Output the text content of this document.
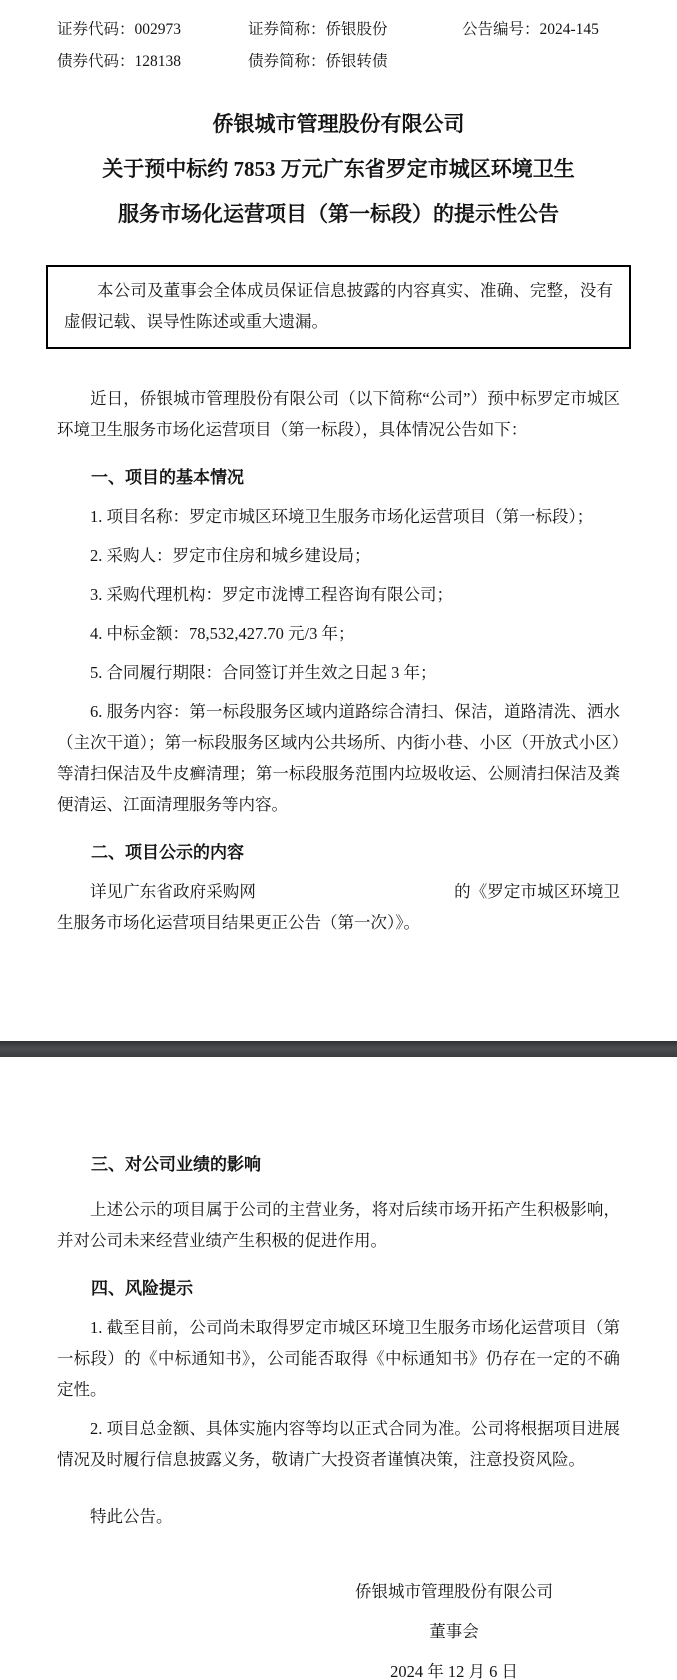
证券代码：002973	证券简称：侨银股份	公告编号：2024-145
债券代码：128138	债券简称：侨银转债
侨银城市管理股份有限公司
关于预中标约 7853 万元广东省罗定市城区环境卫生
服务市场化运营项目（第一标段）的提示性公告
本公司及董事会全体成员保证信息披露的内容真实、准确、完整，没有虚假记载、误导性陈述或重大遗漏。

近日，侨银城市管理股份有限公司（以下简称“公司”）预中标罗定市城区环境卫生服务市场化运营项目（第一标段），具体情况公告如下：

一、项目的基本情况

1. 项目名称：罗定市城区环境卫生服务市场化运营项目（第一标段）；

2. 采购人：罗定市住房和城乡建设局；

3. 采购代理机构：罗定市泷博工程咨询有限公司；

4. 中标金额：78,532,427.70 元/3 年；

5. 合同履行期限：合同签订并生效之日起 3 年；

6. 服务内容：第一标段服务区域内道路综合清扫、保洁，道路清洗、洒水（主次干道）；第一标段服务区域内公共场所、内街小巷、小区（开放式小区）等清扫保洁及牛皮癣清理；第一标段服务范围内垃圾收运、公厕清扫保洁及粪便清运、江面清理服务等内容。

二、项目公示的内容

详见广东省政府采购网	的《罗定市城区环境卫生服务市场化运营项目结果更正公告（第一次）》。

三、对公司业绩的影响

上述公示的项目属于公司的主营业务，将对后续市场开拓产生积极影响，并对公司未来经营业绩产生积极的促进作用。

四、风险提示

1. 截至目前，公司尚未取得罗定市城区环境卫生服务市场化运营项目（第一标段）的《中标通知书》，公司能否取得《中标通知书》仍存在一定的不确定性。

2. 项目总金额、具体实施内容等均以正式合同为准。公司将根据项目进展情况及时履行信息披露义务，敬请广大投资者谨慎决策，注意投资风险。

特此公告。

侨银城市管理股份有限公司
董事会
2024 年 12 月 6 日
